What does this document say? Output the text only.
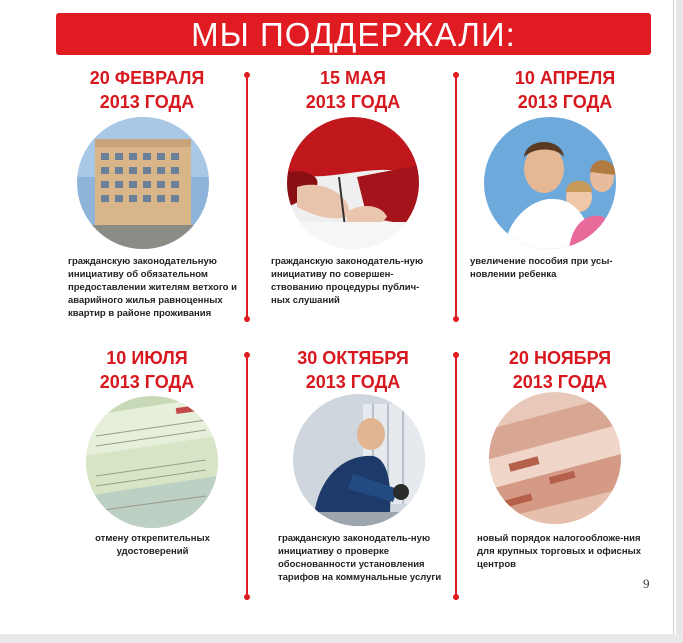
МЫ ПОДДЕРЖАЛИ:

20 ФЕВРАЛЯ
2013 ГОДА

гражданскую законодательную инициативу об обязательном предоставлении жителям ветхого и аварийного жилья равноценных квартир в районе проживания

15 МАЯ
2013 ГОДА

гражданскую законодатель-ную инициативу по совершен-ствованию процедуры публич-ных слушаний

10 АПРЕЛЯ
2013 ГОДА

увеличение пособия при усы-новлении ребенка

10 ИЮЛЯ
2013 ГОДА

отмену открепительных удостоверений

30 ОКТЯБРЯ
2013 ГОДА

гражданскую законодатель-ную инициативу о проверке обоснованности установления тарифов на коммунальные услуги

20 НОЯБРЯ
2013 ГОДА

новый порядок налогообложе-ния для крупных торговых и офисных центров

9
